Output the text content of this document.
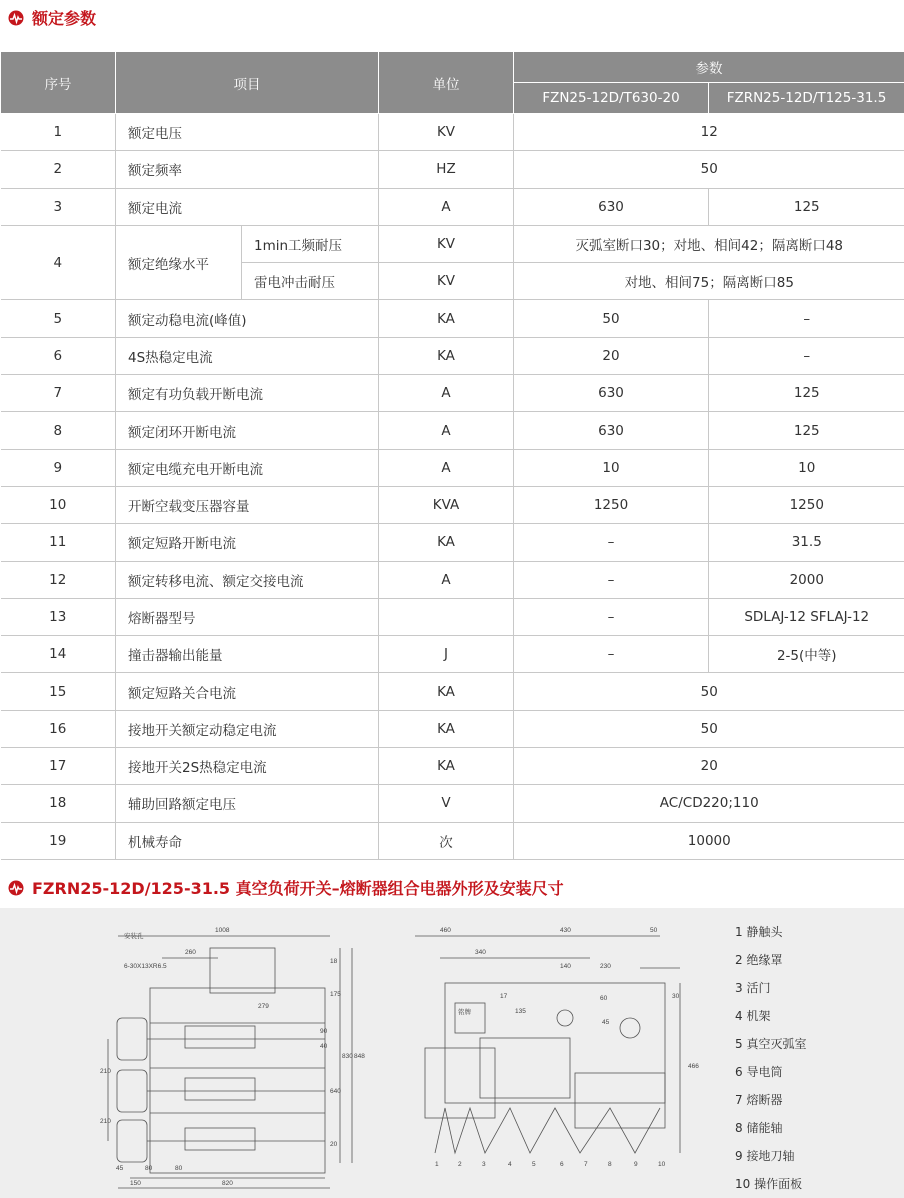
额定参数
序号	项目		单位	参数	
				FZN25-12D/T630-20	FZRN25-12D/T125-31.5
1	额定电压		KV	12	
2	额定频率		HZ	50	
3	额定电流		A	630	125
4	额定绝缘水平	1min工频耐压	KV	灭弧室断口30；对地、相间42；隔离断口48	
		雷电冲击耐压	KV	对地、相间75；隔离断口85	
5	额定动稳电流(峰值)		KA	50	–
6	4S热稳定电流		KA	20	–
7	额定有功负载开断电流		A	630	125
8	额定闭环开断电流		A	630	125
9	额定电缆充电开断电流		A	10	10
10	开断空载变压器容量		KVA	1250	1250
11	额定短路开断电流		KA	–	31.5
12	额定转移电流、额定交接电流		A	–	2000
13	熔断器型号			–	SDLAJ-12 SFLAJ-12
14	撞击器输出能量		J	–	2-5(中等)
15	额定短路关合电流		KA	50	
16	接地开关额定动稳定电流		KA	50	
17	接地开关2S热稳定电流		KA	20	
18	辅助回路额定电压		V	AC/CD220;110	
19	机械寿命		次	10000	
FZRN25-12D/125-31.5 真空负荷开关–熔断器组合电器外形及安装尺寸
1008
260
279
90
40
175
18
210
210
830 848
640
20
45	80	80
150	820
安装孔
6-30X13XR6.5
460	430	50
340
140	230
17
135
60
45
30
466
铭牌
1	2	3	4	5	6	7	8	9	10
1 静触头
2 绝缘罩
3 活门
4 机架
5 真空灭弧室
6 导电筒
7 熔断器
8 储能轴
9 接地刀轴
10 操作面板
